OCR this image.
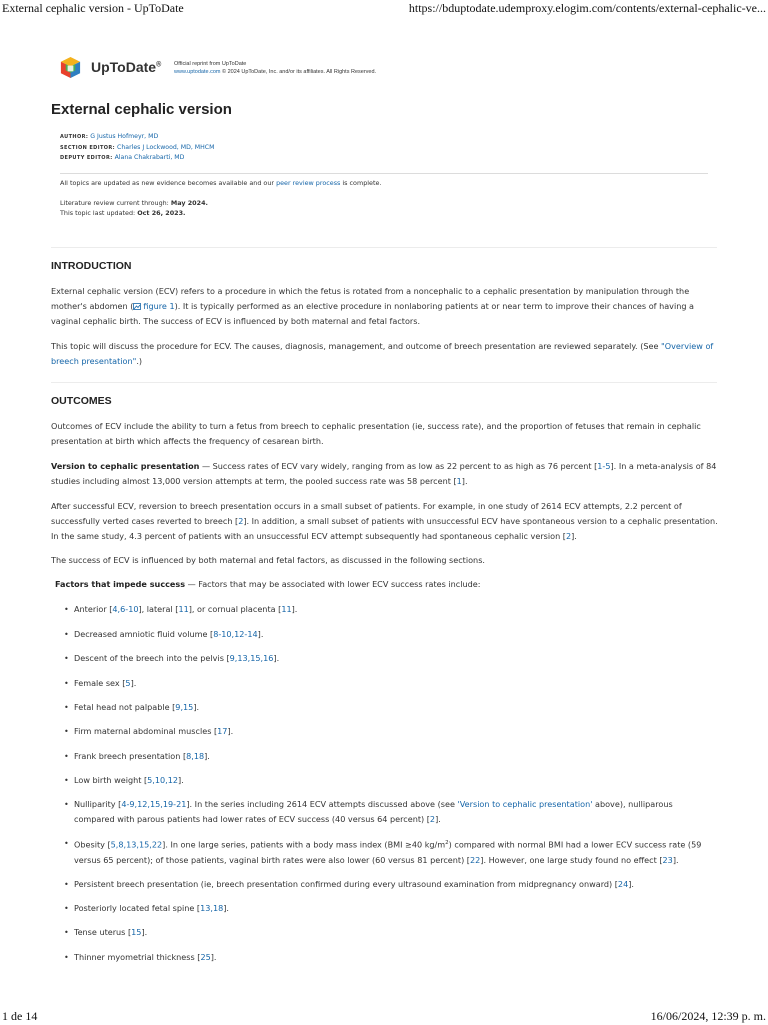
External cephalic version - UpToDate	https://bduptodate.udemproxy.elogim.com/contents/external-cephalic-ve...
UpToDate® Official reprint from UpToDate
www.uptodate.com © 2024 UpToDate, Inc. and/or its affiliates. All Rights Reserved.
External cephalic version
AUTHOR: G Justus Hofmeyr, MD
SECTION EDITOR: Charles J Lockwood, MD, MHCM
DEPUTY EDITOR: Alana Chakrabarti, MD
All topics are updated as new evidence becomes available and our peer review process is complete.
Literature review current through: May 2024.
This topic last updated: Oct 26, 2023.
INTRODUCTION
External cephalic version (ECV) refers to a procedure in which the fetus is rotated from a noncephalic to a cephalic presentation by manipulation through the mother's abdomen ( figure 1). It is typically performed as an elective procedure in nonlaboring patients at or near term to improve their chances of having a vaginal cephalic birth. The success of ECV is influenced by both maternal and fetal factors.
This topic will discuss the procedure for ECV. The causes, diagnosis, management, and outcome of breech presentation are reviewed separately. (See "Overview of breech presentation".)
OUTCOMES
Outcomes of ECV include the ability to turn a fetus from breech to cephalic presentation (ie, success rate), and the proportion of fetuses that remain in cephalic presentation at birth which affects the frequency of cesarean birth.
Version to cephalic presentation — Success rates of ECV vary widely, ranging from as low as 22 percent to as high as 76 percent [1-5]. In a meta-analysis of 84 studies including almost 13,000 version attempts at term, the pooled success rate was 58 percent [1].
After successful ECV, reversion to breech presentation occurs in a small subset of patients. For example, in one study of 2614 ECV attempts, 2.2 percent of successfully verted cases reverted to breech [2]. In addition, a small subset of patients with unsuccessful ECV have spontaneous version to a cephalic presentation. In the same study, 4.3 percent of patients with an unsuccessful ECV attempt subsequently had spontaneous cephalic version [2].
The success of ECV is influenced by both maternal and fetal factors, as discussed in the following sections.
Factors that impede success — Factors that may be associated with lower ECV success rates include:
• Anterior [4,6-10], lateral [11], or cornual placenta [11].
• Decreased amniotic fluid volume [8-10,12-14].
• Descent of the breech into the pelvis [9,13,15,16].
• Female sex [5].
• Fetal head not palpable [9,15].
• Firm maternal abdominal muscles [17].
• Frank breech presentation [8,18].
• Low birth weight [5,10,12].
• Nulliparity [4-9,12,15,19-21]. In the series including 2614 ECV attempts discussed above (see 'Version to cephalic presentation' above), nulliparous compared with parous patients had lower rates of ECV success (40 versus 64 percent) [2].
• Obesity [5,8,13,15,22]. In one large series, patients with a body mass index (BMI ≥40 $kg/m^2$) compared with normal BMI had a lower ECV success rate (59 versus 65 percent); of those patients, vaginal birth rates were also lower (60 versus 81 percent) [22]. However, one large study found no effect [23].
• Persistent breech presentation (ie, breech presentation confirmed during every ultrasound examination from midpregnancy onward) [24].
• Posteriorly located fetal spine [13,18].
• Tense uterus [15].
• Thinner myometrial thickness [25].
1 de 14	16/06/2024, 12:39 p. m.
